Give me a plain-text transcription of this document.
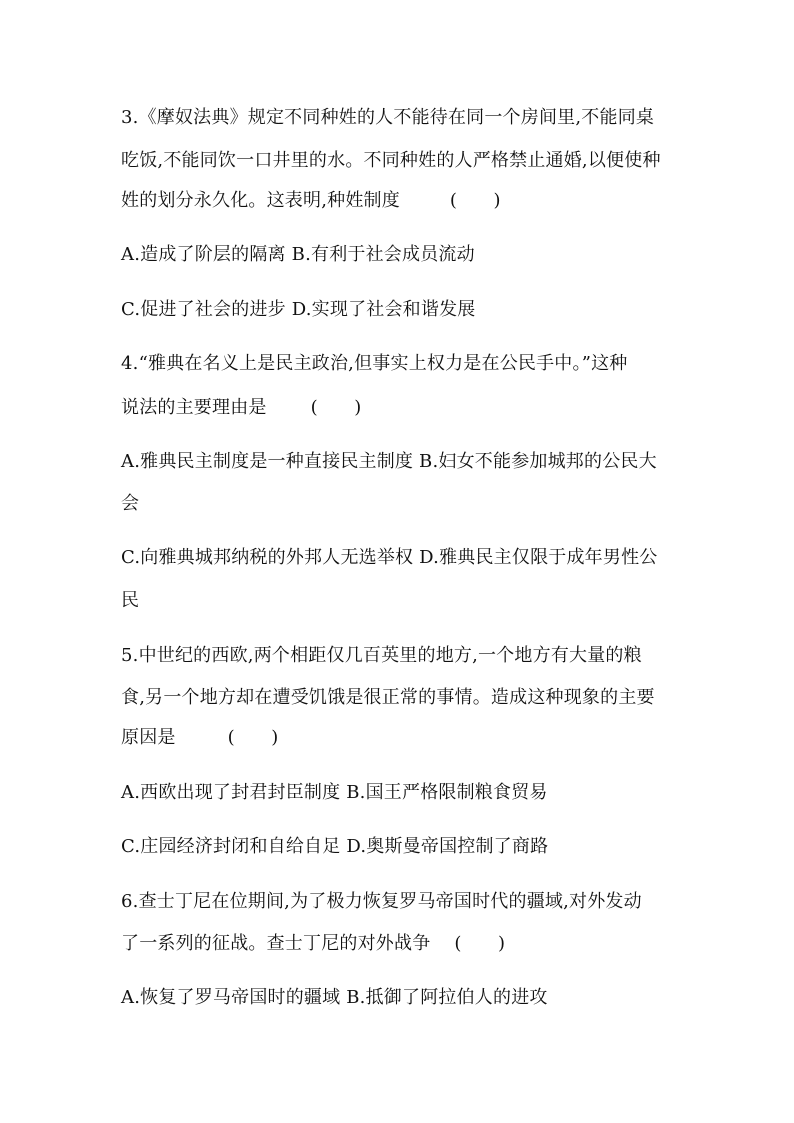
3.《摩奴法典》规定不同种姓的人不能待在同一个房间里,不能同桌
吃饭,不能同饮一口井里的水。不同种姓的人严格禁止通婚,以便使种
姓的划分永久化。这表明,种姓制度	(　　)
A.造成了阶层的隔离 B.有利于社会成员流动
C.促进了社会的进步 D.实现了社会和谐发展
4.“雅典在名义上是民主政治,但事实上权力是在公民手中。”这种
说法的主要理由是 (　　)
A.雅典民主制度是一种直接民主制度 B.妇女不能参加城邦的公民大
会
C.向雅典城邦纳税的外邦人无选举权 D.雅典民主仅限于成年男性公
民
5.中世纪的西欧,两个相距仅几百英里的地方,一个地方有大量的粮
食,另一个地方却在遭受饥饿是很正常的事情。造成这种现象的主要
原因是	(　　)
A.西欧出现了封君封臣制度 B.国王严格限制粮食贸易
C.庄园经济封闭和自给自足 D.奥斯曼帝国控制了商路
6.查士丁尼在位期间,为了极力恢复罗马帝国时代的疆域,对外发动
了一系列的征战。查士丁尼的对外战争 (　　)
A.恢复了罗马帝国时的疆域 B.抵御了阿拉伯人的进攻
